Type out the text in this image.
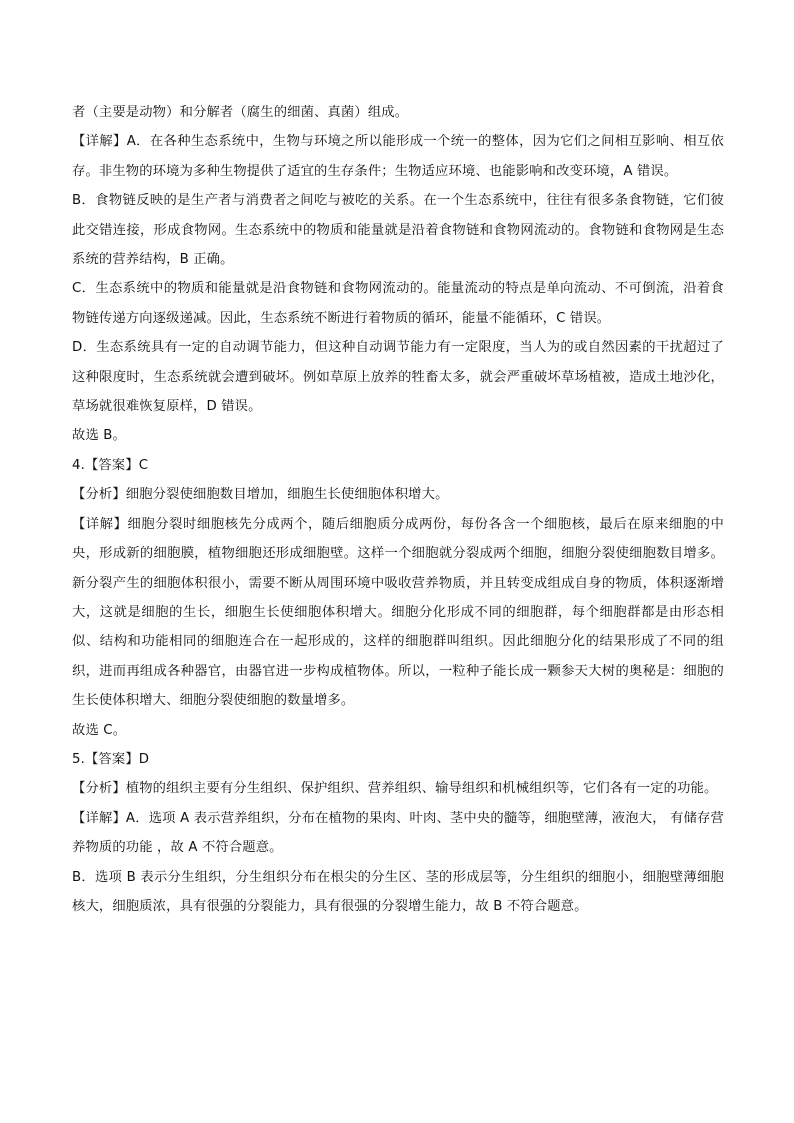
者（主要是动物）和分解者（腐生的细菌、真菌）组成。

【详解】A．在各种生态系统中，生物与环境之所以能形成一个统一的整体，因为它们之间相互影响、相互依存。非生物的环境为多种生物提供了适宜的生存条件；生物适应环境、也能影响和改变环境，A 错误。

B．食物链反映的是生产者与消费者之间吃与被吃的关系。在一个生态系统中，往往有很多条食物链，它们彼此交错连接，形成食物网。生态系统中的物质和能量就是沿着食物链和食物网流动的。食物链和食物网是生态系统的营养结构，B 正确。

C．生态系统中的物质和能量就是沿食物链和食物网流动的。能量流动的特点是单向流动、不可倒流，沿着食物链传递方向逐级递减。因此，生态系统不断进行着物质的循环，能量不能循环，C 错误。

D．生态系统具有一定的自动调节能力，但这种自动调节能力有一定限度，当人为的或自然因素的干扰超过了这种限度时，生态系统就会遭到破坏。例如草原上放养的牲畜太多，就会严重破坏草场植被，造成土地沙化，草场就很难恢复原样，D 错误。

故选 B。

4.【答案】C

【分析】细胞分裂使细胞数目增加，细胞生长使细胞体积增大。

【详解】细胞分裂时细胞核先分成两个，随后细胞质分成两份，每份各含一个细胞核，最后在原来细胞的中央，形成新的细胞膜，植物细胞还形成细胞壁。这样一个细胞就分裂成两个细胞，细胞分裂使细胞数目增多。新分裂产生的细胞体积很小，需要不断从周围环境中吸收营养物质，并且转变成组成自身的物质，体积逐渐增大，这就是细胞的生长，细胞生长使细胞体积增大。细胞分化形成不同的细胞群，每个细胞群都是由形态相似、结构和功能相同的细胞连合在一起形成的，这样的细胞群叫组织。因此细胞分化的结果形成了不同的组织，进而再组成各种器官，由器官进一步构成植物体。所以，一粒种子能长成一颗参天大树的奥秘是：细胞的生长使体积增大、细胞分裂使细胞的数量增多。

故选 C。

5.【答案】D

【分析】植物的组织主要有分生组织、保护组织、营养组织、输导组织和机械组织等，它们各有一定的功能。

【详解】A．选项 A 表示营养组织，分布在植物的果肉、叶肉、茎中央的髓等，细胞壁薄，液泡大， 有储存营养物质的功能 ，故 A 不符合题意。

B．选项 B 表示分生组织，分生组织分布在根尖的分生区、茎的形成层等，分生组织的细胞小，细胞壁薄细胞核大，细胞质浓，具有很强的分裂能力，具有很强的分裂增生能力，故 B 不符合题意。
